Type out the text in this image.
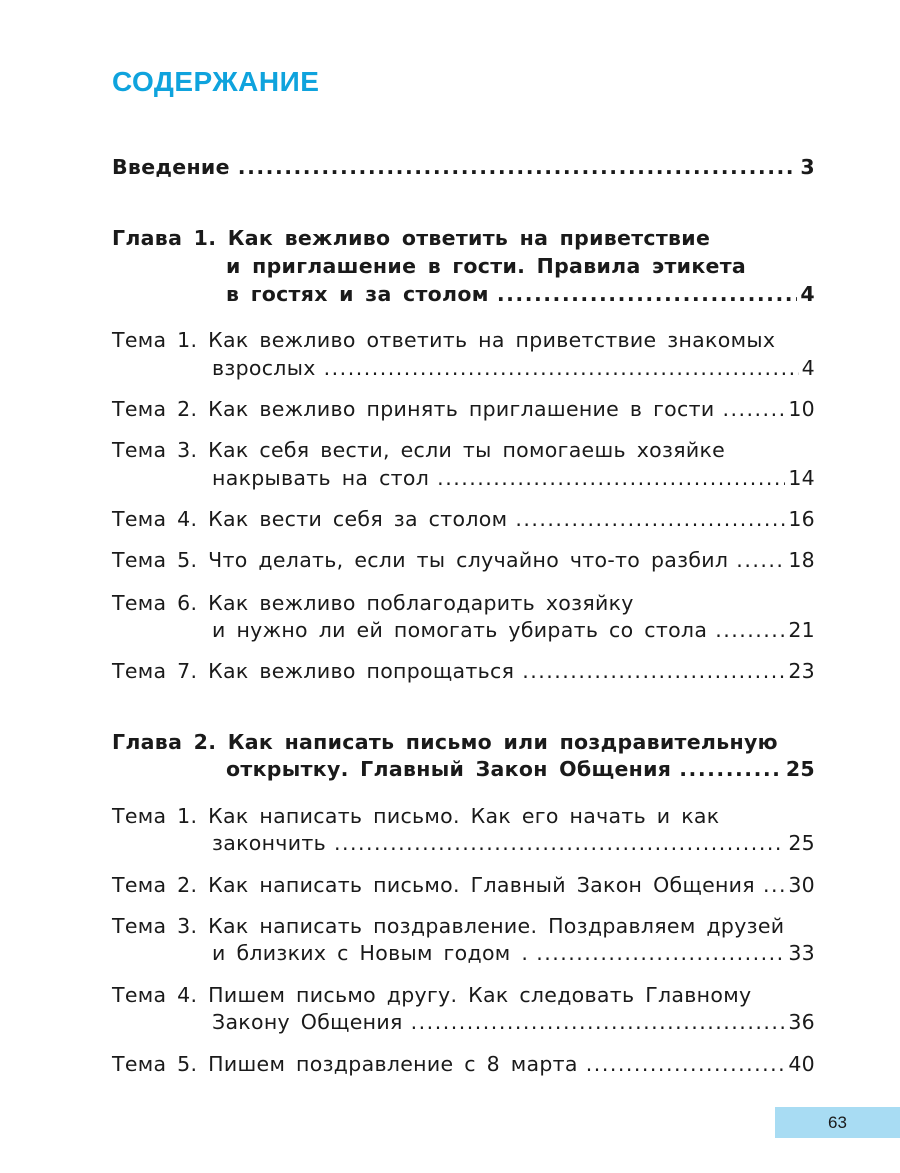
СОДЕРЖАНИЕ
Введение .....	3
Глава 1. Как вежливо ответить на приветствие
и приглашение в гости. Правила этикета
в гостях и за столом .....	4
Тема 1. Как вежливо ответить на приветствие знакомых
взрослых .....	4
Тема 2. Как вежливо принять приглашение в гости .....	10
Тема 3. Как себя вести, если ты помогаешь хозяйке
накрывать на стол .....	14
Тема 4. Как вести себя за столом .....	16
Тема 5. Что делать, если ты случайно что-то разбил .....	18
Тема 6. Как вежливо поблагодарить хозяйку
и нужно ли ей помогать убирать со стола .....	21
Тема 7. Как вежливо попрощаться .....	23
Глава 2. Как написать письмо или поздравительную
открытку. Главный Закон Общения .....	25
Тема 1. Как написать письмо. Как его начать и как
закончить .....	25
Тема 2. Как написать письмо. Главный Закон Общения ..... 30
Тема 3. Как написать поздравление. Поздравляем друзей
и близких с Новым годом . .....	33
Тема 4. Пишем письмо другу. Как следовать Главному
Закону Общения .....	36
Тема 5. Пишем поздравление с 8 марта .....	40
63
